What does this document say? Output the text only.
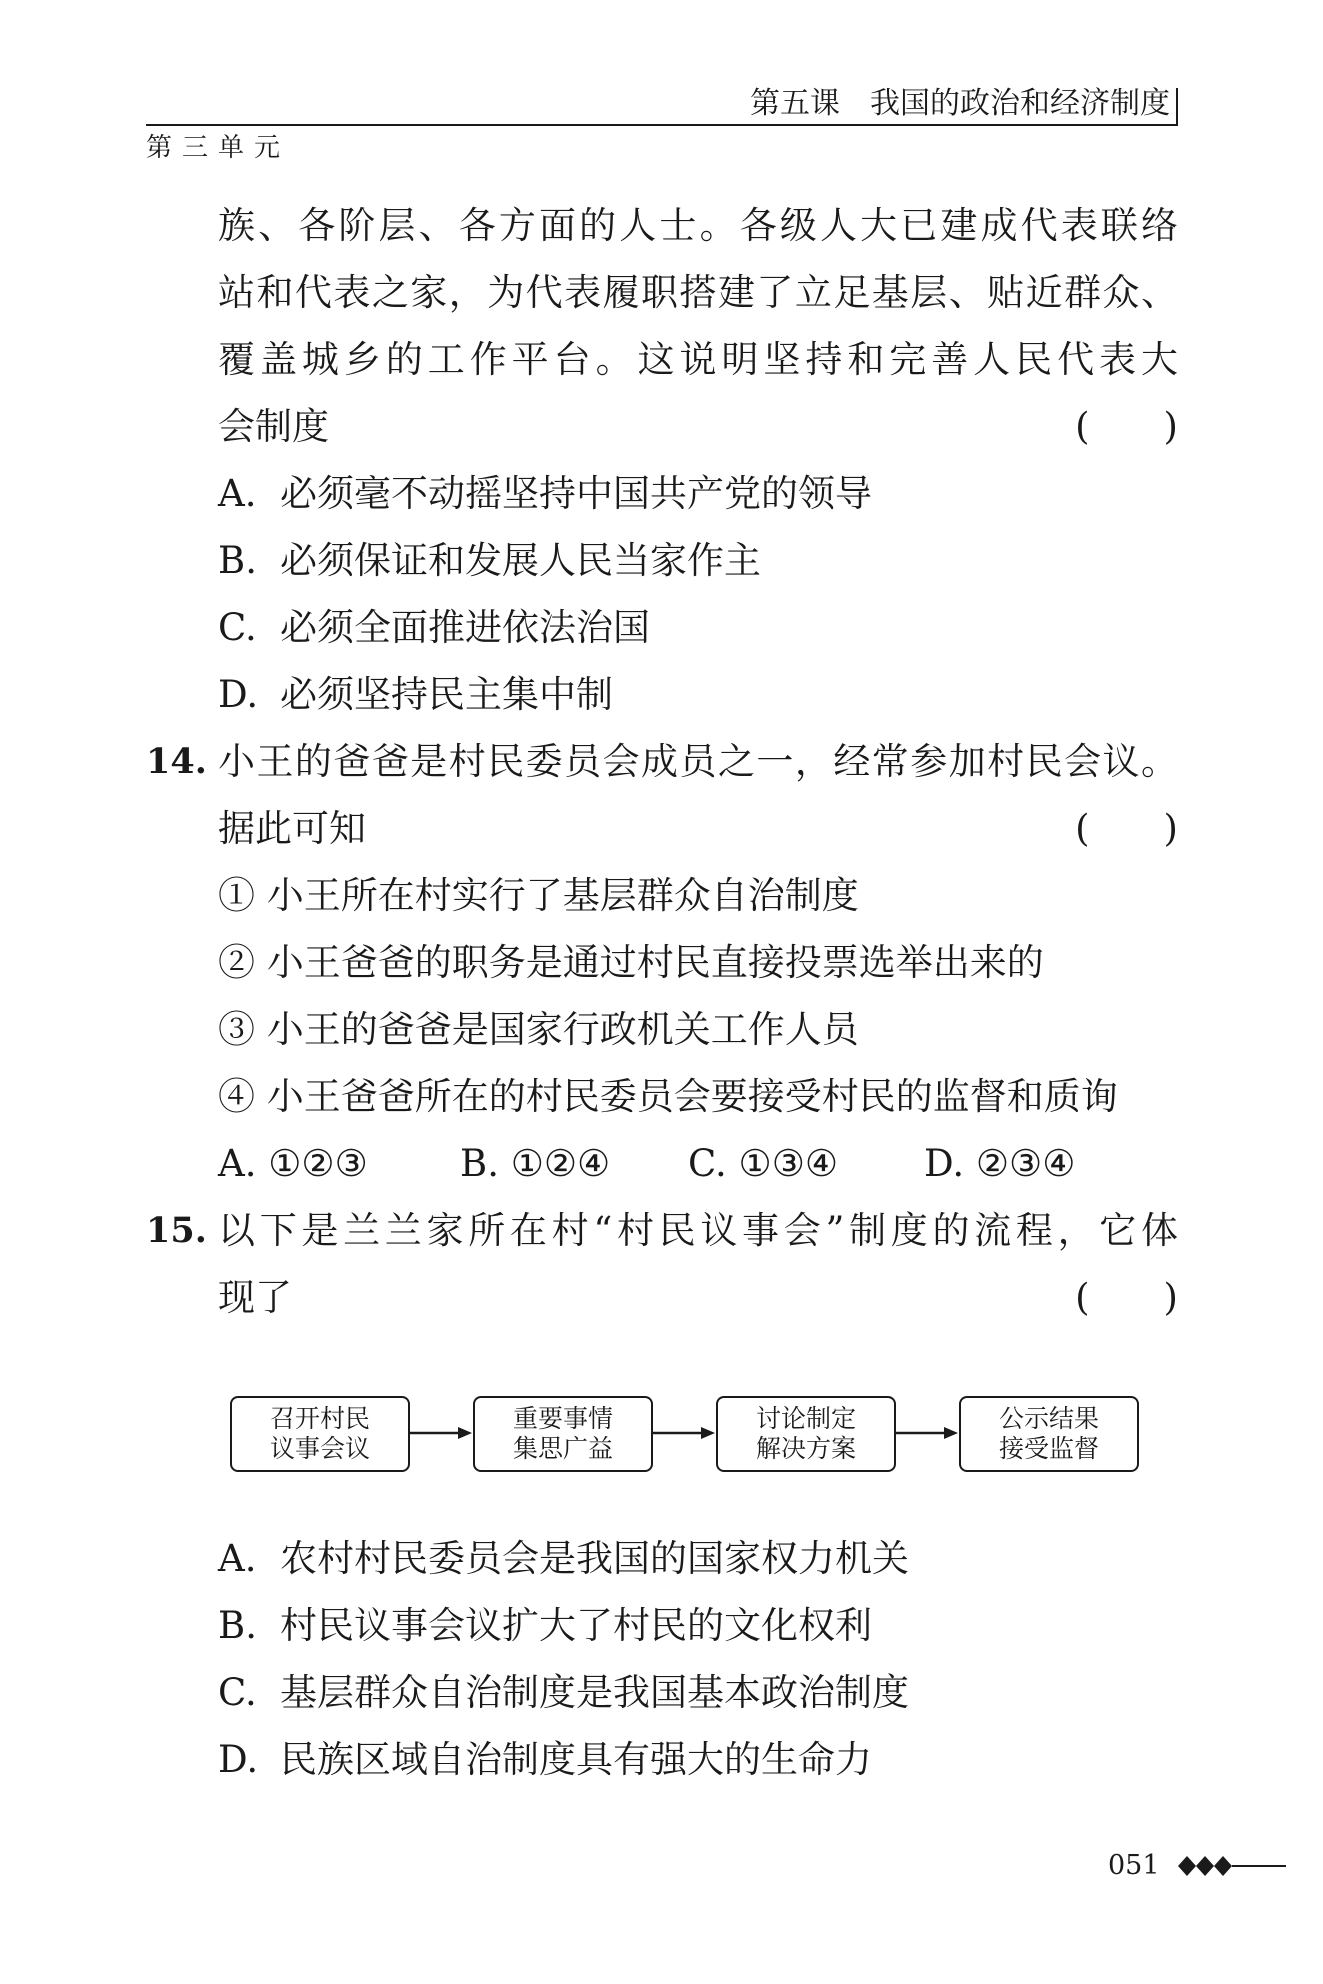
第五课　我国的政治和经济制度
第三单元
族、各阶层、各方面的人士。各级人大已建成代表联络
站和代表之家，为代表履职搭建了立足基层、贴近群众、
覆盖城乡的工作平台。这说明坚持和完善人民代表大
会制度	(　　)
A. 必须毫不动摇坚持中国共产党的领导
B. 必须保证和发展人民当家作主
C. 必须全面推进依法治国
D. 必须坚持民主集中制
14. 小王的爸爸是村民委员会成员之一，经常参加村民会议。
据此可知	(　　)
① 小王所在村实行了基层群众自治制度
② 小王爸爸的职务是通过村民直接投票选举出来的
③ 小王的爸爸是国家行政机关工作人员
④ 小王爸爸所在的村民委员会要接受村民的监督和质询
A. ①②③ B. ①②④ C. ①③④ D. ②③④
15. 以下是兰兰家所在村“村民议事会”制度的流程，它体
现了	(　　)
召开村民
议事会议
重要事情
集思广益
讨论制定
解决方案
公示结果
接受监督
A. 农村村民委员会是我国的国家权力机关
B. 村民议事会议扩大了村民的文化权利
C. 基层群众自治制度是我国基本政治制度
D. 民族区域自治制度具有强大的生命力
051
